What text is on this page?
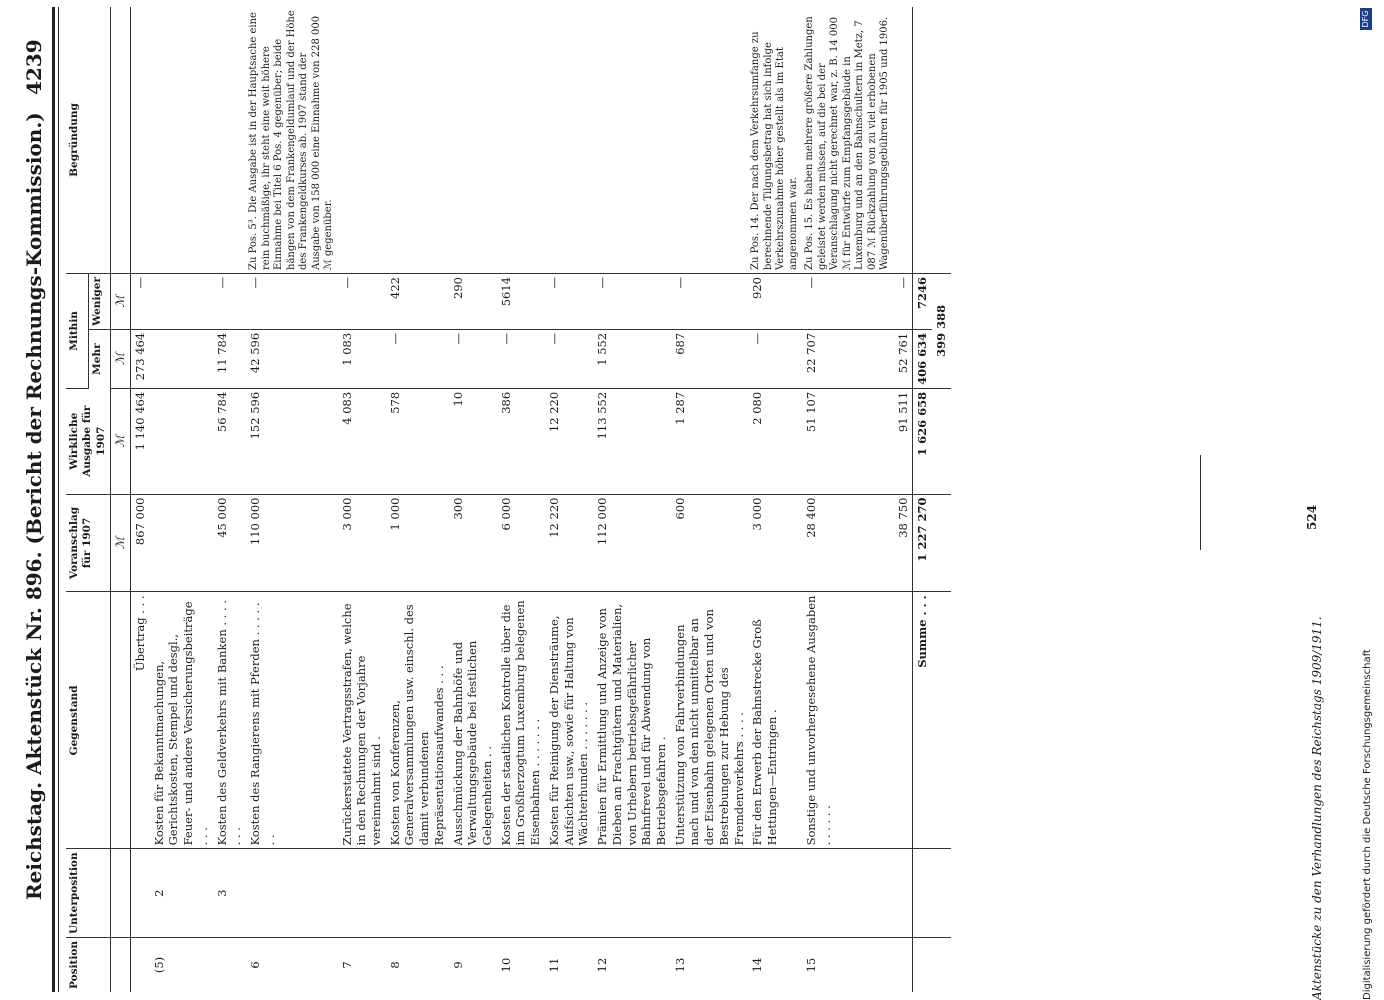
Reichstag. Aktenstück Nr. 896. (Bericht der Rechnungs-Kommission.)
4239
Position	Unterposition	Gegenstand	Voranschlag für 1907	Wirkliche Ausgabe für 1907	Mithin		Begründung
					Mehr	Weniger	
			ℳ	ℳ	ℳ	ℳ	
		Übertrag . . .	867 000	1 140 464	273 464	—	
(5)	2	Kosten für Bekanntmachungen, Gerichtskosten, Stempel und desgl., Feuer- und andere Versicherungsbeiträge . . .					
	3	Kosten des Geldverkehrs mit Banken . . . . . . .	45 000	56 784	11 784	—	
6		Kosten des Rangierens mit Pferden . . . . . . .	110 000	152 596	42 596	—	Zu Pos. 5³. Die Ausgabe ist in der Hauptsache eine rein buchmäßige, ihr steht eine weit höhere Einnahme bei Titel 6 Pos. 4 gegenüber; beide hängen von dem Frankengeldumlauf und der Höhe des Frankengeldkurses ab. 1907 stand der Ausgabe von 158 000 eine Einnahme von 228 000 ℳ gegenüber.
7		Zurückerstattete Vertragsstrafen, welche in den Rechnungen der Vorjahre vereinnahmt sind .	3 000	4 083	1 083	—	
8		Kosten von Konferenzen, Generalversammlungen usw. einschl. des damit verbundenen Repräsentationsaufwandes . . .	1 000	578	—	422	
9		Ausschmückung der Bahnhöfe und Verwaltungsgebäude bei festlichen Gelegenheiten . .	300	10	—	290	
10		Kosten der staatlichen Kontrolle über die im Großherzogtum Luxemburg belegenen Eisenbahnen . . . . . . .	6 000	386	—	5614	
11		Kosten für Reinigung der Diensträume, Aufsichten usw., sowie für Haltung von Wächterhunden . . . . . . .	12 220	12 220	—	—	
12		Prämien für Ermittlung und Anzeige von Dieben an Frachtgütern und Materialien, von Urhebern betriebsgefährlicher Bahnfrevel und für Abwendung von Betriebsgefahren .	112 000	113 552	1 552	—	
13		Unterstützung von Fahrverbindungen nach und von den nicht unmittelbar an der Eisenbahn gelegenen Orten und von Bestrebungen zur Hebung des Fremdenverkehrs . . . .	600	1 287	687	—	
14		Für den Erwerb der Bahnstrecke Groß Hettingen—Entringen .	3 000	2 080	—	920	Zu Pos. 14. Der nach dem Verkehrsumfange zu berechnende Tilgungsbetrag hat sich infolge Verkehrszunahme höher gestellt als im Etat angenommen war.
15		Sonstige und unvorhergesehene Ausgaben . . . . . .	28 400	51 107	22 707	—	Zu Pos. 15. Es haben mehrere größere Zahlungen geleistet werden müssen, auf die bei der Veranschlagung nicht gerechnet war, z. B. 14 000 ℳ für Entwürfe zum Empfangsgebäude in Luxemburg und an den Bahnschultern in Metz, 7 087 ℳ Rückzahlung von zu viel erhobenen Wagenüberführungsgebühren für 1905 und 1906.
			38 750	91 511	52 761	—	
		Summe . . .	1 227 270	1 626 658	406 634	7246	
					399 388		
Aktenstücke zu den Verhandlungen des Reichstags 1909/1911.
524
Digitalisierung gefördert durch die Deutsche Forschungsgemeinschaft
DFG
